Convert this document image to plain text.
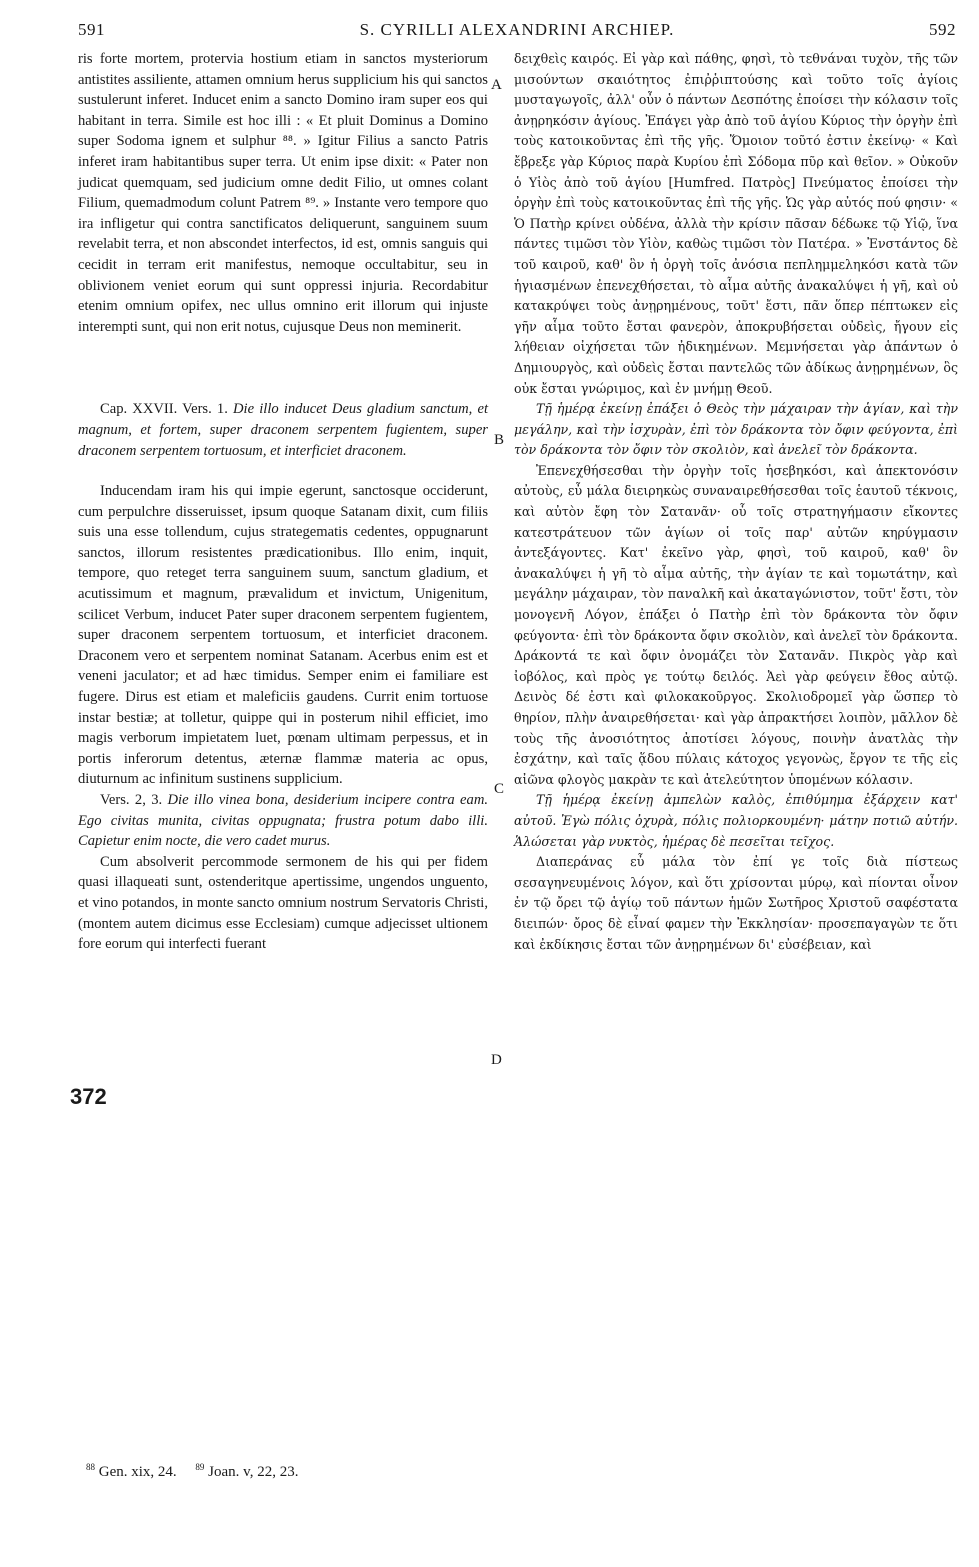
591	S. CYRILLI ALEXANDRINI ARCHIEP.	592

ris forte mortem, protervia hostium etiam in sanctos mysteriorum antistites assiliente, attamen omnium herus supplicium his qui sanctos sustulerunt inferet. Inducet enim a sancto Domino iram super eos qui habitant in terra. Simile est hoc illi : « Et pluit Dominus a Domino super Sodoma ignem et sulphur ⁸⁸. » Igitur Filius a sancto Patris inferet iram habitantibus super terra. Ut enim ipse dixit: « Pater non judicat quemquam, sed judicium omne dedit Filio, ut omnes colant Filium, quemadmodum colunt Patrem ⁸⁹. » Instante vero tempore quo ira infligetur qui contra sanctificatos deliquerunt, sanguinem suum revelabit terra, et non abscondet interfectos, id est, omnis sanguis qui cecidit in terram erit manifestus, nemoque occultabitur, seu in oblivionem veniet eorum qui sunt oppressi injuria. Recordabitur etenim omnium opifex, nec ullus omnino erit illorum qui injuste interempti sunt, qui non erit notus, cujusque Deus non meminerit.

Cap. XXVII. Vers. 1. Die illo inducet Deus gladium sanctum, et magnum, et fortem, super draconem serpentem fugientem, super draconem serpentem tortuosum, et interficiet draconem.

Inducendam iram his qui impie egerunt, sanctosque occiderunt, cum perpulchre disseruisset, ipsum quoque Satanam dixit, cum filiis suis una esse tollendum, cujus strategematis cedentes, oppugnarunt sanctos, illorum resistentes prædicationibus. Illo enim, inquit, tempore, quo reteget terra sanguinem suum, sanctum gladium, et acutissimum et magnum, prævalidum et invictum, Unigenitum, scilicet Verbum, inducet Pater super draconem serpentem fugientem, super draconem serpentem tortuosum, et interficiet draconem. Draconem vero et serpentem nominat Satanam. Acerbus enim est et veneni jaculator; et ad hæc timidus. Semper enim ei familiare est fugere. Dirus est etiam et maleficiis gaudens. Currit enim tortuose instar bestiæ; at tolletur, quippe qui in posterum nihil efficiet, imo magis verborum impietatem luet, pœnam ultimam perpessus, et in portis inferorum detentus, æternæ flammæ materia ac opus, diuturnum ac infinitum sustinens supplicium.

Vers. 2, 3. Die illo vinea bona, desiderium incipere contra eam. Ego civitas munita, civitas oppugnata; frustra potum dabo illi. Capietur enim nocte, die vero cadet murus.

Cum absolverit percommode sermonem de his qui per fidem quasi illaqueati sunt, ostenderitque apertissime, ungendos unguento, et vino potandos, in monte sancto omnium nostrum Servatoris Christi, (montem autem dicimus esse Ecclesiam) cumque adjecisset ultionem fore eorum qui interfecti fuerant

δειχθεὶς καιρός. Εἰ γὰρ καὶ πάθης, φησὶ, τὸ τεθνάναι τυχὸν, τῆς τῶν μισούντων σκαιότητος ἐπιῤῥιπτούσης καὶ τοῦτο τοῖς ἁγίοις μυσταγωγοῖς, ἀλλ' οὖν ὁ πάντων Δεσπότης ἐποίσει τὴν κόλασιν τοῖς ἀνῃρηκόσιν ἁγίους. Ἐπάγει γὰρ ἀπὸ τοῦ ἁγίου Κύριος τὴν ὀργὴν ἐπὶ τοὺς κατοικοῦντας ἐπὶ τῆς γῆς. Ὅμοιον τοῦτό ἐστιν ἐκείνῳ· « Καὶ ἔβρεξε γὰρ Κύριος παρὰ Κυρίου ἐπὶ Σόδομα πῦρ καὶ θεῖον. » Οὐκοῦν ὁ Υἱὸς ἀπὸ τοῦ ἁγίου [Humfred. Πατρὸς] Πνεύματος ἐποίσει τὴν ὀργὴν ἐπὶ τοὺς κατοικοῦντας ἐπὶ τῆς γῆς. Ὡς γὰρ αὐτός πού φησιν· « Ὁ Πατὴρ κρίνει οὐδένα, ἀλλὰ τὴν κρίσιν πᾶσαν δέδωκε τῷ Υἱῷ, ἵνα πάντες τιμῶσι τὸν Υἱὸν, καθὼς τιμῶσι τὸν Πατέρα. » Ἐνστάντος δὲ τοῦ καιροῦ, καθ' ὃν ἡ ὀργὴ τοῖς ἀνόσια πεπλημμεληκόσι κατὰ τῶν ἡγιασμένων ἐπενεχθήσεται, τὸ αἷμα αὐτῆς ἀνακαλύψει ἡ γῆ, καὶ οὐ κατακρύψει τοὺς ἀνῃρημένους, τοῦτ' ἔστι, πᾶν ὅπερ πέπτωκεν εἰς γῆν αἷμα τοῦτο ἔσται φανερὸν, ἀποκρυβήσεται οὐδεὶς, ἤγουν εἰς λήθειαν οἰχήσεται τῶν ἠδικημένων. Μεμνήσεται γὰρ ἁπάντων ὁ Δημιουργὸς, καὶ οὐδεὶς ἔσται παντελῶς τῶν ἀδίκως ἀνῃρημένων, ὃς οὐκ ἔσται γνώριμος, καὶ ἐν μνήμῃ Θεοῦ.

Τῇ ἡμέρᾳ ἐκείνῃ ἐπάξει ὁ Θεὸς τὴν μάχαιραν τὴν ἁγίαν, καὶ τὴν μεγάλην, καὶ τὴν ἰσχυρὰν, ἐπὶ τὸν δράκοντα τὸν ὄφιν φεύγοντα, ἐπὶ τὸν δράκοντα τὸν ὄφιν τὸν σκολιὸν, καὶ ἀνελεῖ τὸν δράκοντα.

Ἐπενεχθήσεσθαι τὴν ὀργὴν τοῖς ἠσεβηκόσι, καὶ ἀπεκτονόσιν αὐτοὺς, εὖ μάλα διειρηκὼς συναναιρεθήσεσθαι τοῖς ἑαυτοῦ τέκνοις, καὶ αὐτὸν ἔφη τὸν Σατανᾶν· οὗ τοῖς στρατηγήμασιν εἴκοντες κατεστράτευον τῶν ἁγίων οἱ τοῖς παρ' αὐτῶν κηρύγμασιν ἀντεξάγοντες. Κατ' ἐκεῖνο γὰρ, φησὶ, τοῦ καιροῦ, καθ' ὃν ἀνακαλύψει ἡ γῆ τὸ αἷμα αὐτῆς, τὴν ἁγίαν τε καὶ τομωτάτην, καὶ μεγάλην μάχαιραν, τὸν παναλκῆ καὶ ἀκαταγώνιστον, τοῦτ' ἔστι, τὸν μονογενῆ Λόγον, ἐπάξει ὁ Πατὴρ ἐπὶ τὸν δράκοντα τὸν ὄφιν φεύγοντα· ἐπὶ τὸν δράκοντα ὄφιν σκολιὸν, καὶ ἀνελεῖ τὸν δράκοντα. Δράκοντά τε καὶ ὄφιν ὀνομάζει τὸν Σατανᾶν. Πικρὸς γὰρ καὶ ἰοβόλος, καὶ πρὸς γε τούτῳ δειλός. Ἀεὶ γὰρ φεύγειν ἔθος αὐτῷ. Δεινὸς δέ ἐστι καὶ φιλοκακοῦργος. Σκολιοδρομεῖ γὰρ ὥσπερ τὸ θηρίον, πλὴν ἀναιρεθήσεται· καὶ γὰρ ἀπρακτήσει λοιπὸν, μᾶλλον δὲ τοὺς τῆς ἀνοσιότητος ἀποτίσει λόγους, ποινὴν ἀνατλὰς τὴν ἐσχάτην, καὶ ταῖς ᾅδου πύλαις κάτοχος γεγονὼς, ἔργον τε τῆς εἰς αἰῶνα φλογὸς μακρὰν τε καὶ ἀτελεύτητον ὑπομένων κόλασιν.

Τῇ ἡμέρᾳ ἐκείνῃ ἀμπελὼν καλὸς, ἐπιθύμημα ἐξάρχειν κατ' αὐτοῦ. Ἐγὼ πόλις ὀχυρὰ, πόλις πολιορκουμένη· μάτην ποτιῶ αὐτήν. Ἁλώσεται γὰρ νυκτὸς, ἡμέρας δὲ πεσεῖται τεῖχος.

Διαπεράνας εὖ μάλα τὸν ἐπί γε τοῖς διὰ πίστεως σεσαγηνευμένοις λόγον, καὶ ὅτι χρίσονται μύρῳ, καὶ πίονται οἶνον ἐν τῷ ὄρει τῷ ἁγίῳ τοῦ πάντων ἡμῶν Σωτῆρος Χριστοῦ σαφέστατα διειπών· ὄρος δὲ εἶναί φαμεν τὴν Ἐκκλησίαν· προσεπαγαγὼν τε ὅτι καὶ ἐκδίκησις ἔσται τῶν ἀνῃρημένων δι' εὐσέβειαν, καὶ

A
B
C
D
372
$^{88}$ Gen. xix, 24. $^{89}$ Joan. v, 22, 23.
